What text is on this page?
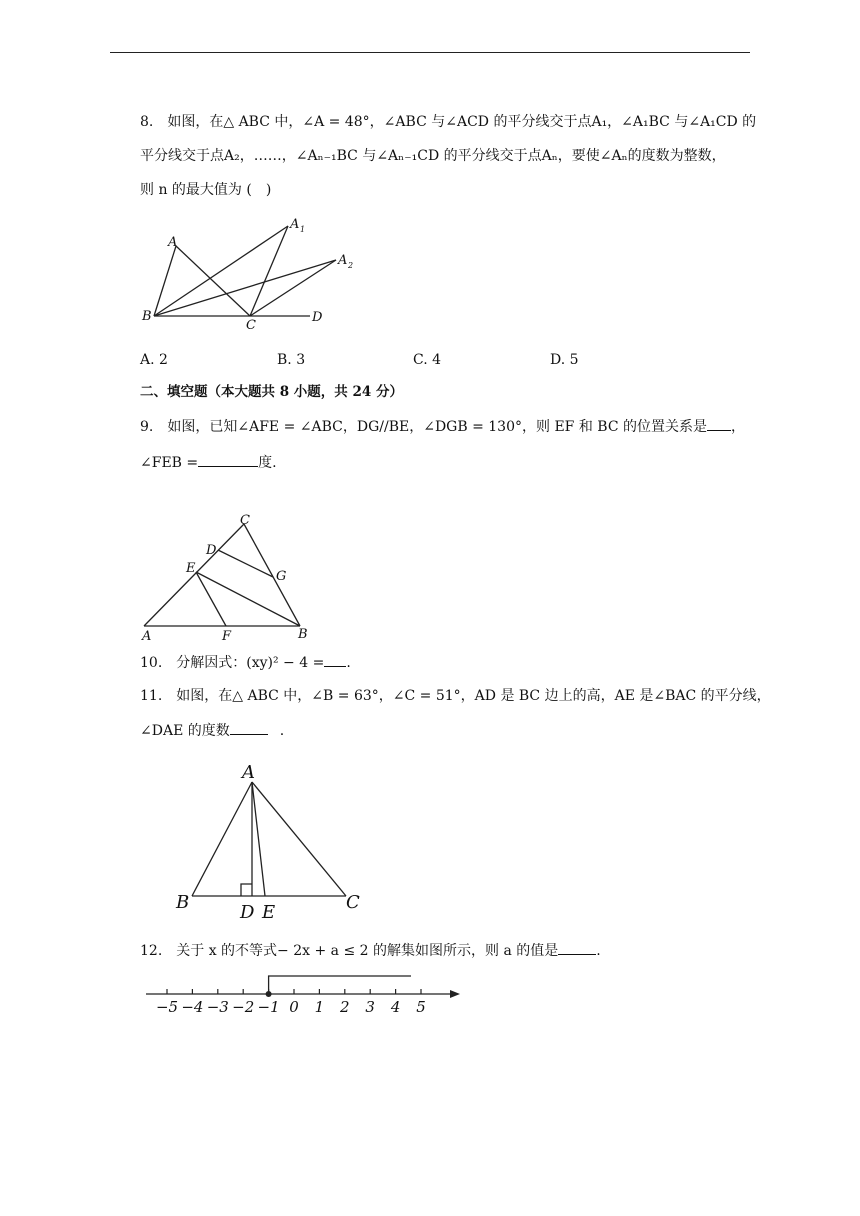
8.　如图，在△ ABC 中，∠A = 48°，∠ABC 与∠ACD 的平分线交于点A₁，∠A₁BC 与∠A₁CD 的
平分线交于点A₂，……，∠Aₙ₋₁BC 与∠Aₙ₋₁CD 的平分线交于点Aₙ，要使∠Aₙ的度数为整数，
则 n 的最大值为 (　)
A
A 1
A 2
B
C
D
A. 2	B. 3	C. 4	D. 5
二、填空题（本大题共 8 小题，共 24 分）
9.　如图，已知∠AFE = ∠ABC，DG//BE，∠DGB = 130°，则 EF 和 BC 的位置关系是 ，
∠FEB =	度.
A	B
C
D
E
F
G
10.　分解因式：(xy)² − 4 = .
11.　如图，在△ ABC 中，∠B = 63°，∠C = 51°，AD 是 BC 边上的高，AE 是∠BAC 的平分线，
∠DAE 的度数	.
A
B	C
D E
12.　关于 x 的不等式− 2x + a ≤ 2 的解集如图所示，则 a 的值是	.
−5 −4 −3 −2 −1 0 1 2 3 4 5
